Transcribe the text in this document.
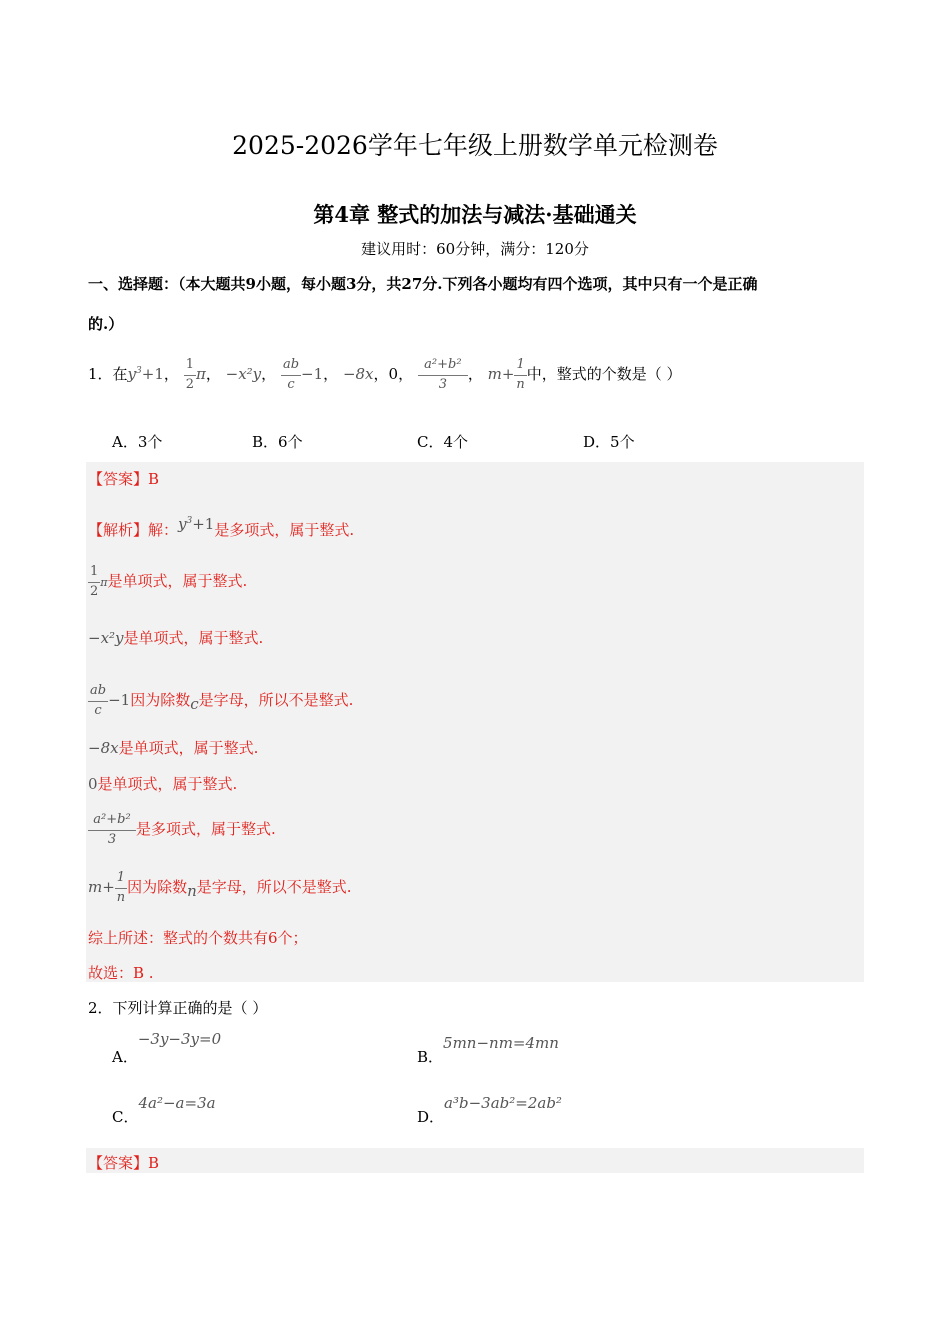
2025-2026学年七年级上册数学单元检测卷
第4章 整式的加法与减法·基础通关
建议用时：60分钟，满分：120分
一、选择题：（本大题共9小题，每小题3分，共27分.下列各小题均有四个选项，其中只有一个是正确
的.）
1．在$y^3+1$， $\frac{1}{2}$ π， −x²y， $\frac{ab}{c} -1$， −8x，0， $\frac{\text{a²+b²}}{3}$ ， $m+ \frac{1}{n}$ 中，整式的个数是（ ）
A．3个	B．6个	C．4个	D．5个
【答案】B
【解析】解：$y^3+1$是多项式，属于整式.
$\frac{1}{2}$ π是单项式，属于整式.
−x²y是单项式，属于整式.
$\frac{ab}{c} -1$因为除数c是字母，所以不是整式.
−8x是单项式，属于整式.
0是单项式，属于整式.
$\frac{\text{a²+b²}}{3}$ 是多项式，属于整式.
$m+ \frac{1}{n}$ 因为除数n是字母，所以不是整式.
综上所述：整式的个数共有6个；
故选：B .
2．下列计算正确的是（ ）
A．−3y−3y=0
B．5mn−nm=4mn
C．4a²−a=3a
D．a³b−3ab²=2ab²
【答案】B
